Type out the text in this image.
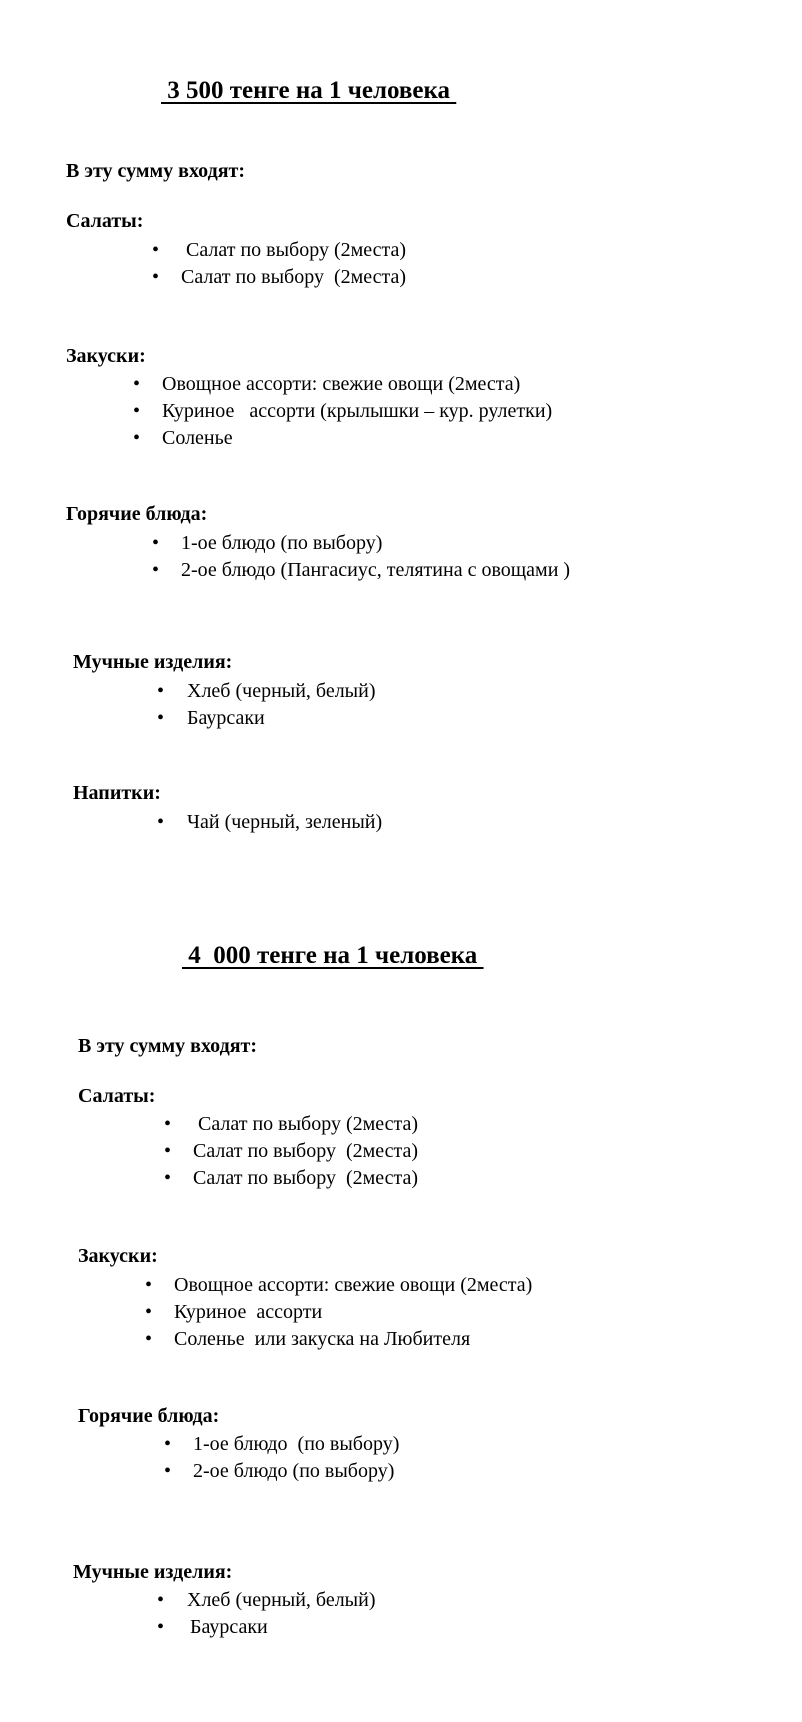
3 500 тенге на 1 человека

В эту сумму входят:

Салаты:

•	Салат по выбору (2места)
•	Салат по выбору  (2места)

Закуски:

•	Овощное ассорти: свежие овощи (2места)
•	Куриное   ассорти (крылышки – кур. рулетки)
•	Соленье

Горячие блюда:

•	1-ое блюдо (по выбору)
•	2-ое блюдо (Пангасиус, телятина с овощами )

Мучные изделия:

•	Хлеб (черный, белый)
•	Баурсаки

Напитки:

•	Чай (черный, зеленый)
4  000 тенге на 1 человека

В эту сумму входят:

Салаты:

•	Салат по выбору (2места)
•	Салат по выбору  (2места)
•	Салат по выбору  (2места)

Закуски:

•	Овощное ассорти: свежие овощи (2места)
•	Куриное  ассорти
•	Соленье  или закуска на Любителя

Горячие блюда:

•	1-ое блюдо  (по выбору)
•	2-ое блюдо (по выбору)

Мучные изделия:

•	Хлеб (черный, белый)
•	Баурсаки
